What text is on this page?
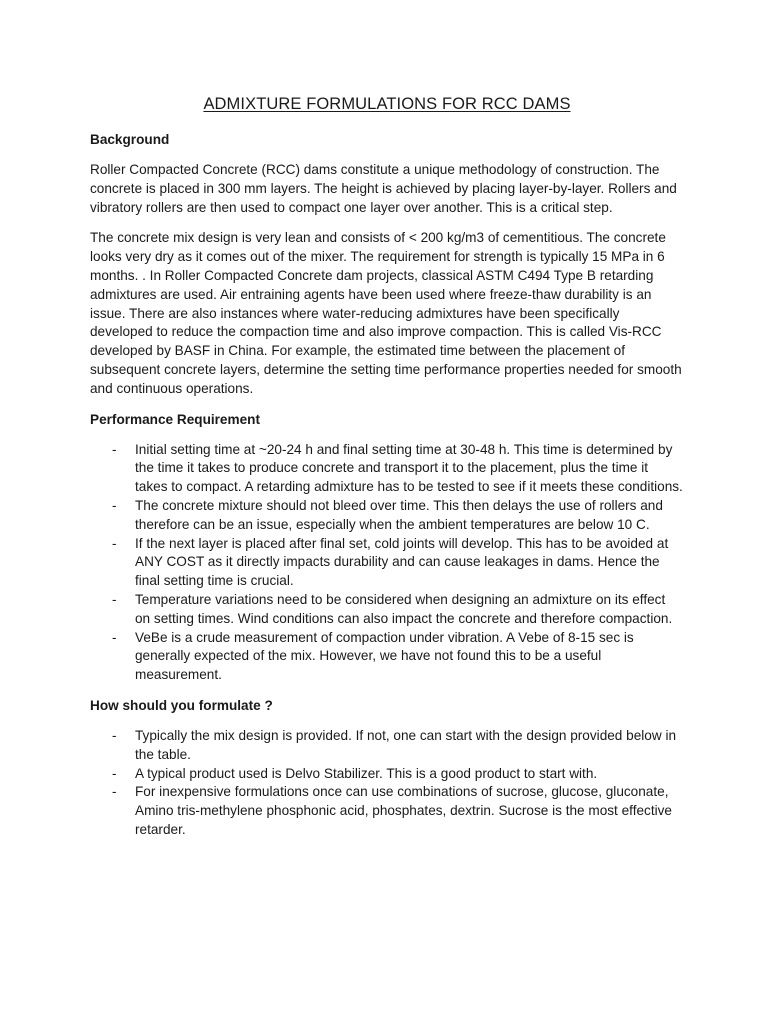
ADMIXTURE FORMULATIONS FOR RCC DAMS
Background

Roller Compacted Concrete (RCC) dams constitute a unique methodology of construction. The concrete is placed in 300 mm layers. The height is achieved by placing layer-by-layer. Rollers and vibratory rollers are then used to compact one layer over another. This is a critical step.

The concrete mix design is very lean and consists of < 200 kg/m3 of cementitious. The concrete looks very dry as it comes out of the mixer. The requirement for strength is typically 15 MPa in 6 months. . In Roller Compacted Concrete dam projects, classical ASTM C494 Type B retarding admixtures are used. Air entraining agents have been used where freeze-thaw durability is an issue. There are also instances where water-reducing admixtures have been specifically developed to reduce the compaction time and also improve compaction. This is called Vis-RCC developed by BASF in China. For example, the estimated time between the placement of subsequent concrete layers, determine the setting time performance properties needed for smooth and continuous operations.

Performance Requirement
- Initial setting time at ~20-24 h and final setting time at 30-48 h. This time is determined by the time it takes to produce concrete and transport it to the placement, plus the time it takes to compact. A retarding admixture has to be tested to see if it meets these conditions.
- The concrete mixture should not bleed over time. This then delays the use of rollers and therefore can be an issue, especially when the ambient temperatures are below 10 C.
- If the next layer is placed after final set, cold joints will develop. This has to be avoided at ANY COST as it directly impacts durability and can cause leakages in dams. Hence the final setting time is crucial.
- Temperature variations need to be considered when designing an admixture on its effect on setting times. Wind conditions can also impact the concrete and therefore compaction.
- VeBe is a crude measurement of compaction under vibration. A Vebe of 8-15 sec is generally expected of the mix. However, we have not found this to be a useful measurement.
How should you formulate ?
- Typically the mix design is provided. If not, one can start with the design provided below in the table.
- A typical product used is Delvo Stabilizer. This is a good product to start with.
- For inexpensive formulations once can use combinations of sucrose, glucose, gluconate, Amino tris-methylene phosphonic acid, phosphates, dextrin. Sucrose is the most effective retarder.
